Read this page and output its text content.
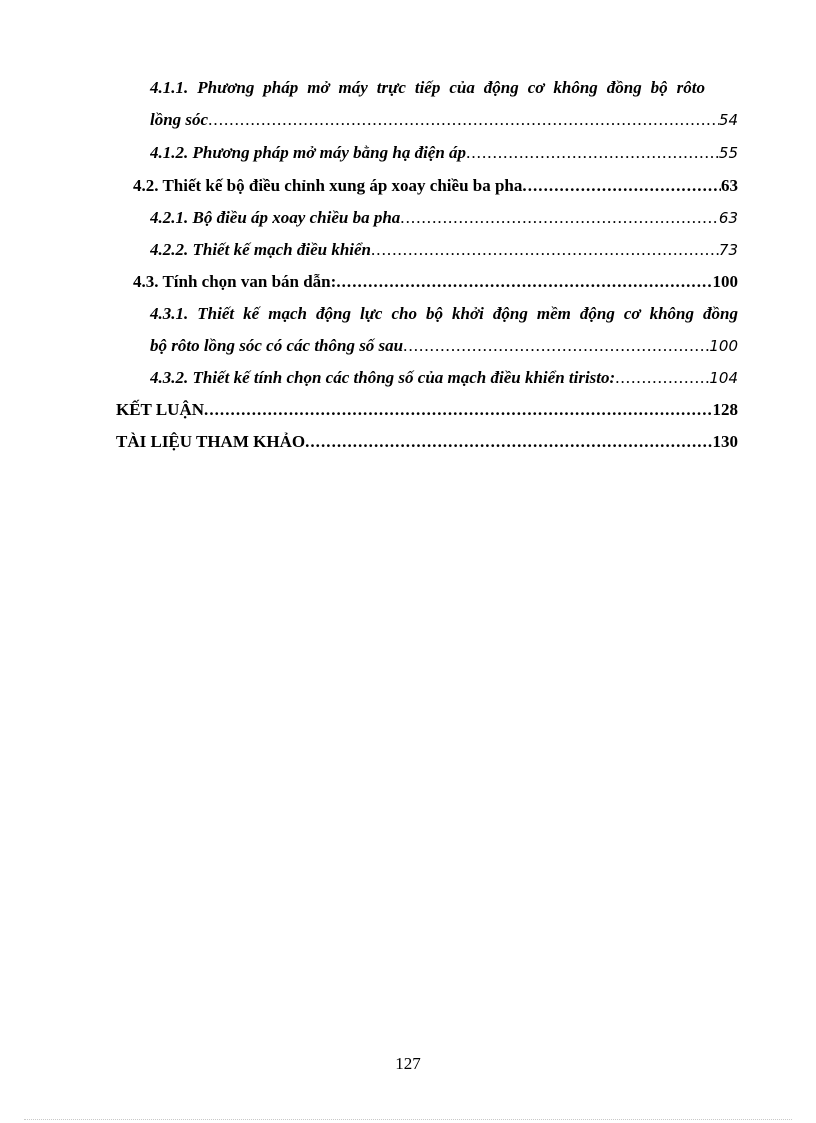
4.1.1. Phương pháp mở máy trực tiếp của động cơ không đồng bộ rôto
lồng sóc . . .	54
4.1.2. Phương pháp mở máy bằng hạ điện áp . . .	55
4.2. Thiết kế bộ điều chỉnh xung áp xoay chiều ba pha . . .	63
4.2.1. Bộ điều áp xoay chiều ba pha . . .	63
4.2.2. Thiết kế mạch điều khiển . . .	73
4.3. Tính chọn van bán dẫn: . . .	100
4.3.1. Thiết kế mạch động lực cho bộ khởi động mềm động cơ không đồng
bộ rôto lồng sóc có các thông số sau . . .	100
4.3.2. Thiết kế tính chọn các thông số của mạch điều khiển tiristo: . . .	104
KẾT LUẬN . . .	128
TÀI LIỆU THAM KHẢO . . .	130
127
